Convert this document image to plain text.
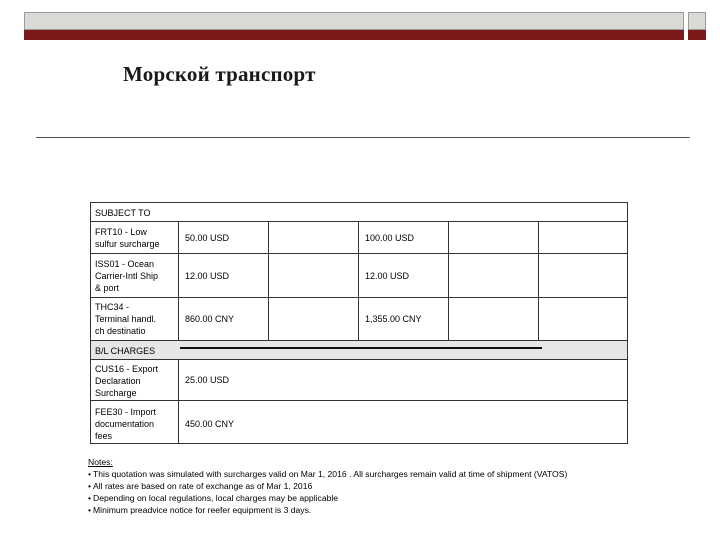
Морской транспорт
SUBJECT TO
FRT10 - Low
sulfur surcharge
50.00 USD	100.00 USD
ISS01 - Ocean
Carrier-Intl Ship
& port
12.00 USD	12.00 USD
THC34 -
Terminal handl.
ch destinatio
860.00 CNY	1,355.00 CNY
B/L CHARGES
CUS16 - Export
Declaration
Surcharge
25.00 USD
FEE30 - Import
documentation
fees
450.00 CNY
Notes:
• This quotation was simulated with surcharges valid on Mar 1, 2016 . All surcharges remain valid at time of shipment (VATOS)
• All rates are based on rate of exchange as of Mar 1, 2016
• Depending on local regulations, local charges may be applicable
• Minimum preadvice notice for reefer equipment is 3 days.
